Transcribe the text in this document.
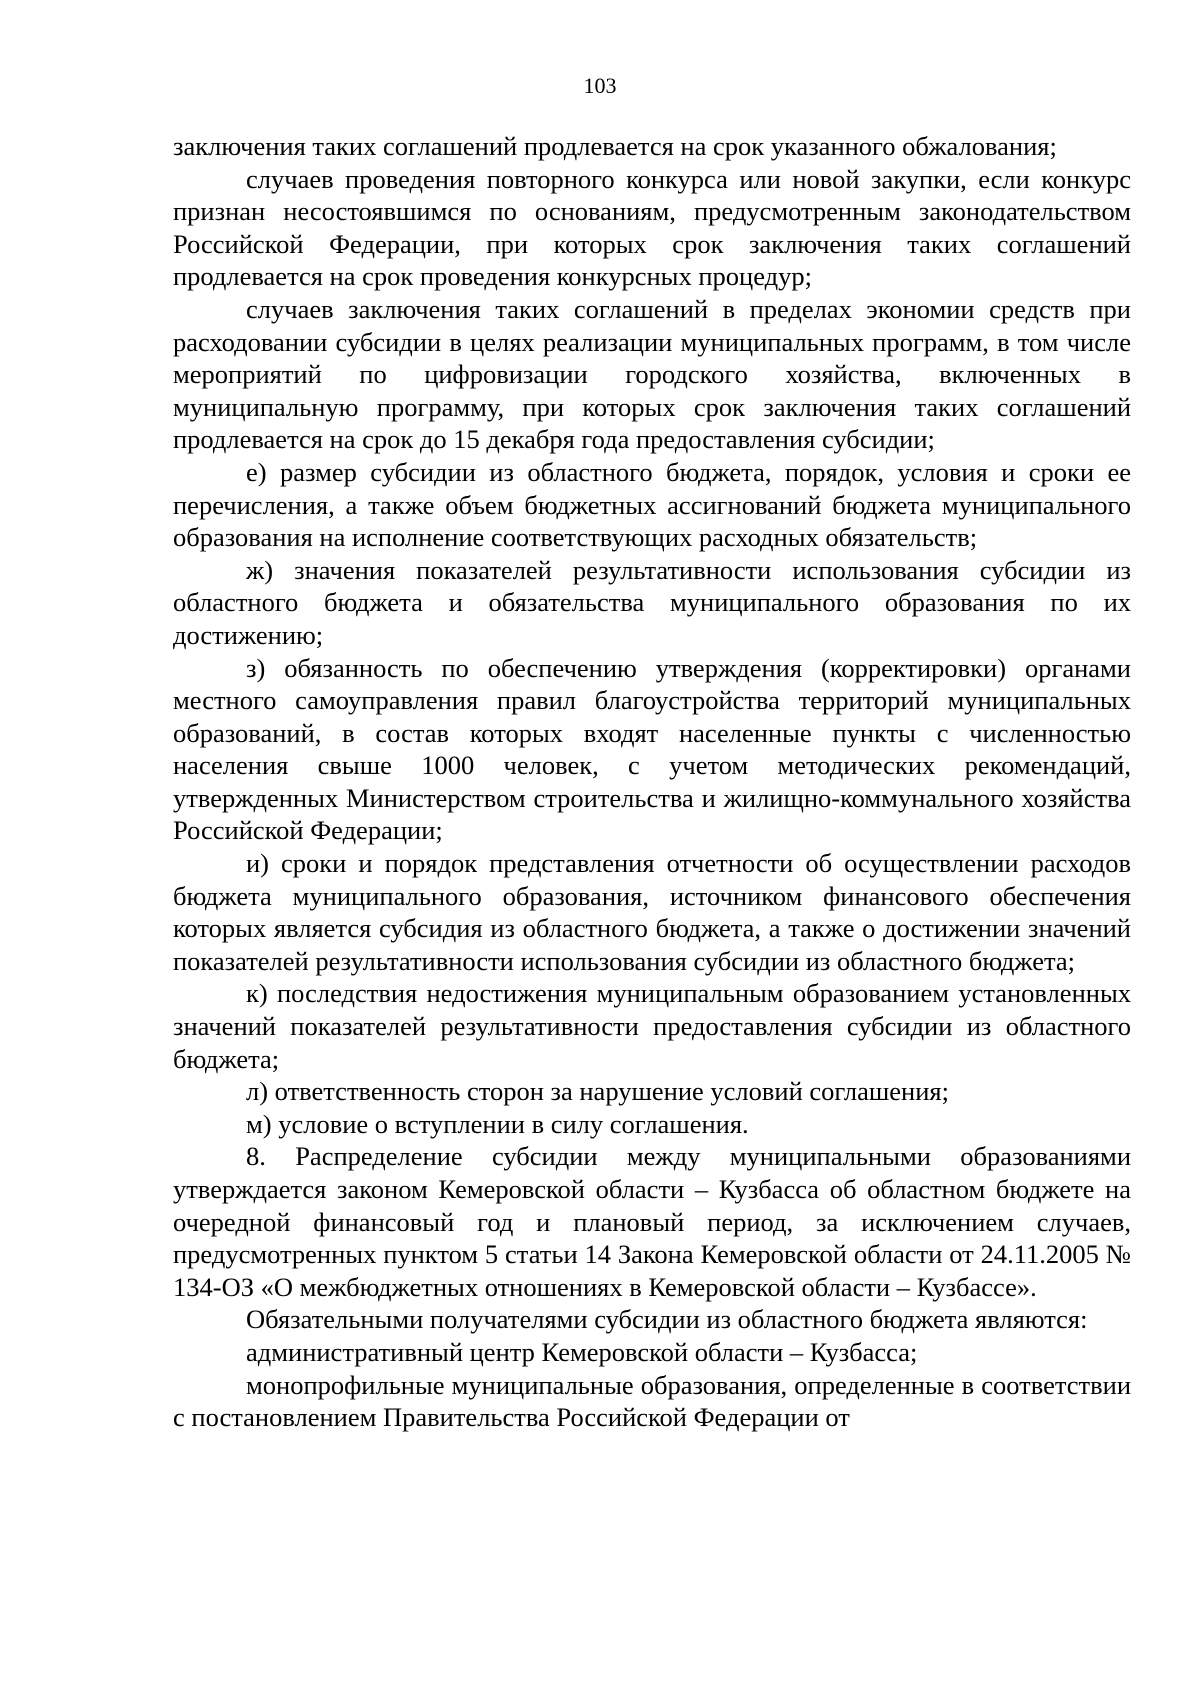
103

заключения таких соглашений продлевается на срок указанного обжалования;

случаев проведения повторного конкурса или новой закупки, если конкурс признан несостоявшимся по основаниям, предусмотренным законодательством Российской Федерации, при которых срок заключения таких соглашений продлевается на срок проведения конкурсных процедур;

случаев заключения таких соглашений в пределах экономии средств при расходовании субсидии в целях реализации муниципальных программ, в том числе мероприятий по цифровизации городского хозяйства, включенных в муниципальную программу, при которых срок заключения таких соглашений продлевается на срок до 15 декабря года предоставления субсидии;

е) размер субсидии из областного бюджета, порядок, условия и сроки ее перечисления, а также объем бюджетных ассигнований бюджета муниципального образования на исполнение соответствующих расходных обязательств;

ж) значения показателей результативности использования субсидии из областного бюджета и обязательства муниципального образования по их достижению;

з) обязанность по обеспечению утверждения (корректировки) органами местного самоуправления правил благоустройства территорий муниципальных образований, в состав которых входят населенные пункты с численностью населения свыше 1000 человек, с учетом методических рекомендаций, утвержденных Министерством строительства и жилищно-коммунального хозяйства Российской Федерации;

и) сроки и порядок представления отчетности об осуществлении расходов бюджета муниципального образования, источником финансового обеспечения которых является субсидия из областного бюджета, а также о достижении значений показателей результативности использования субсидии из областного бюджета;

к) последствия недостижения муниципальным образованием установленных значений показателей результативности предоставления субсидии из областного бюджета;

л) ответственность сторон за нарушение условий соглашения;

м) условие о вступлении в силу соглашения.

8. Распределение субсидии между муниципальными образованиями утверждается законом Кемеровской области – Кузбасса об областном бюджете на очередной финансовый год и плановый период, за исключением случаев, предусмотренных пунктом 5 статьи 14 Закона Кемеровской области от 24.11.2005 № 134-ОЗ «О межбюджетных отношениях в Кемеровской области – Кузбассе».

Обязательными получателями субсидии из областного бюджета являются:

административный центр Кемеровской области – Кузбасса;

монопрофильные муниципальные образования, определенные в соответствии с постановлением Правительства Российской Федерации от
